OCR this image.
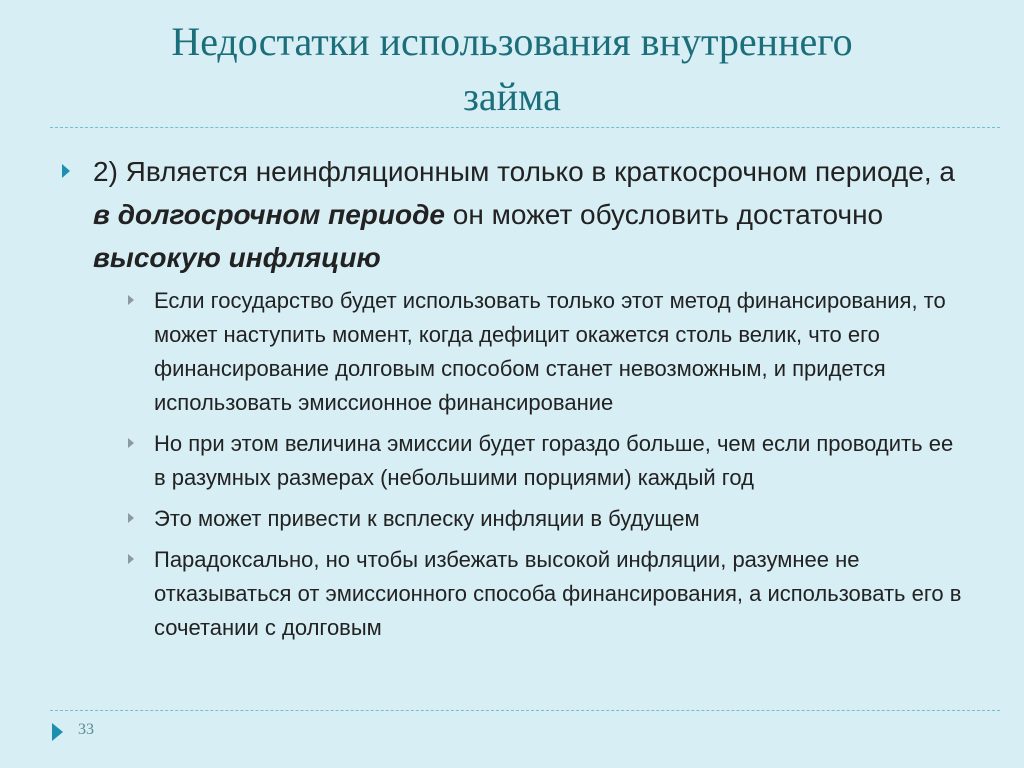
Недостатки использования внутреннего
займа
2) Является неинфляционным только в краткосрочном периоде, а в долгосрочном периоде он может обусловить достаточно высокую инфляцию
Если государство будет использовать только этот метод финансирования, то может наступить момент, когда дефицит окажется столь велик, что его финансирование долговым способом станет невозможным, и придется использовать эмиссионное финансирование
Но при этом величина эмиссии будет гораздо больше, чем если проводить ее в разумных размерах (небольшими порциями) каждый год
Это может привести к всплеску инфляции в будущем
Парадоксально, но чтобы избежать высокой инфляции, разумнее не отказываться от эмиссионного способа финансирования, а использовать его в сочетании с долговым
33
